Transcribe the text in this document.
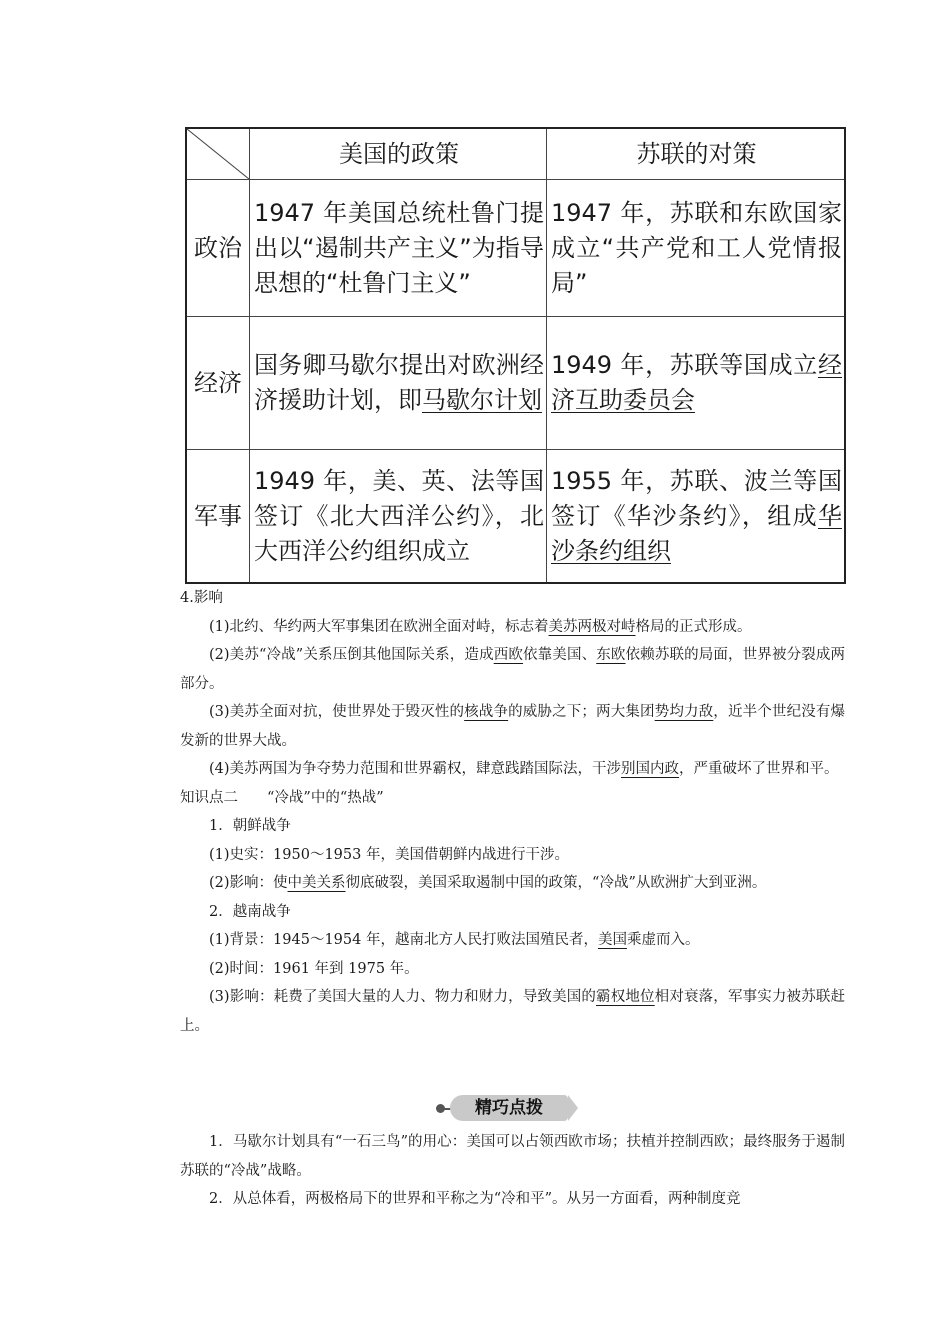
	美国的政策	苏联的对策
政治	1947 年美国总统杜鲁门提出以“遏制共产主义”为指导思想的“杜鲁门主义”	1947 年，苏联和东欧国家成立“共产党和工人党情报局”
经济	国务卿马歇尔提出对欧洲经济援助计划，即马歇尔计划	1949 年，苏联等国成立经济互助委员会
军事	1949 年，美、英、法等国签订《北大西洋公约》，北大西洋公约组织成立	1955 年，苏联、波兰等国签订《华沙条约》，组成华沙条约组织

4.影响

(1)北约、华约两大军事集团在欧洲全面对峙，标志着美苏两极对峙格局的正式形成。

(2)美苏“冷战”关系压倒其他国际关系，造成西欧依靠美国、东欧依赖苏联的局面，世界被分裂成两部分。

(3)美苏全面对抗，使世界处于毁灭性的核战争的威胁之下；两大集团势均力敌，近半个世纪没有爆发新的世界大战。

(4)美苏两国为争夺势力范围和世界霸权，肆意践踏国际法，干涉别国内政，严重破坏了世界和平。

知识点二　　“冷战”中的“热战”

1．朝鲜战争

(1)史实：1950～1953 年，美国借朝鲜内战进行干涉。

(2)影响：使中美关系彻底破裂，美国采取遏制中国的政策，“冷战”从欧洲扩大到亚洲。

2．越南战争

(1)背景：1945～1954 年，越南北方人民打败法国殖民者，美国乘虚而入。

(2)时间：1961 年到 1975 年。

(3)影响：耗费了美国大量的人力、物力和财力，导致美国的霸权地位相对衰落，军事实力被苏联赶上。

精巧点拨

1．马歇尔计划具有“一石三鸟”的用心：美国可以占领西欧市场；扶植并控制西欧；最终服务于遏制苏联的“冷战”战略。

2．从总体看，两极格局下的世界和平称之为“冷和平”。从另一方面看，两种制度竞
